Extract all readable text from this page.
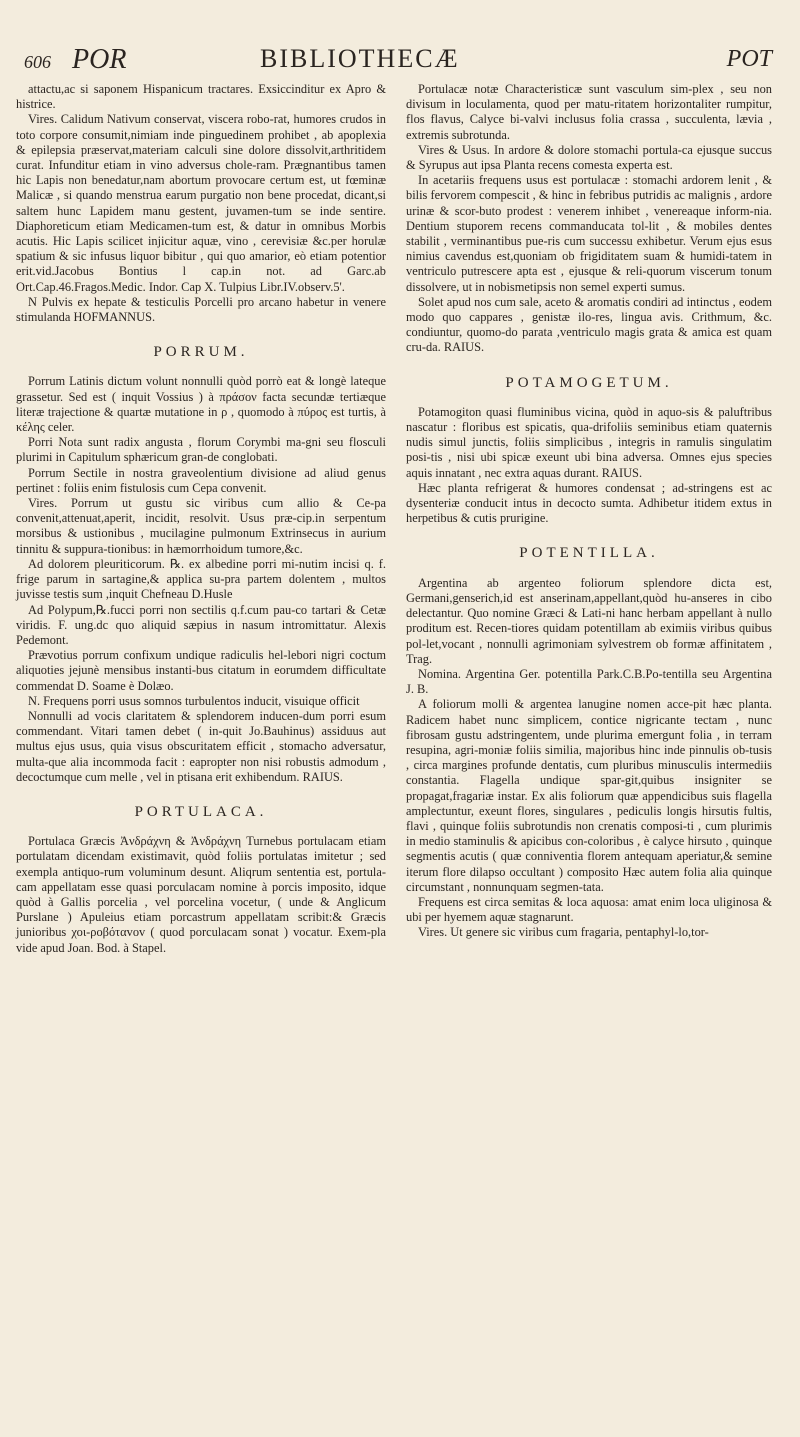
606 POR	BIBLIOTHECÆ	POT

attactu,ac si saponem Hispanicum tractares. Exsiccinditur ex Apro & histrice.

Vires. Calidum Nativum conservat, viscera robo-rat, humores crudos in toto corpore consumit,nimiam inde pinguedinem prohibet , ab apoplexia & epilepsia præservat,materiam calculi sine dolore dissolvit,arthritidem curat. Infunditur etiam in vino adversus chole-ram. Prægnantibus tamen hic Lapis non benedatur,nam abortum provocare certum est, ut fœminæ Malicæ , si quando menstrua earum purgatio non bene procedat, dicant,si saltem hunc Lapidem manu gestent, juvamen-tum se inde sentire. Diaphoreticum etiam Medicamen-tum est, & datur in omnibus Morbis acutis. Hic Lapis scilicet injicitur aquæ, vino , cerevisiæ &c.per horulæ spatium & sic infusus liquor bibitur , qui quo amarior, eò etiam potentior erit.vid.Jacobus Bontius l cap.in not. ad Garc.ab Ort.Cap.46.Fragos.Medic. Indor. Cap X. Tulpius Libr.IV.observ.5'.

N Pulvis ex hepate & testiculis Porcelli pro arcano habetur in venere stimulanda HOFMANNUS.

PORRUM.

Porrum Latinis dictum volunt nonnulli quòd porrò eat & longè lateque grassetur. Sed est ( inquit Vossius ) à πράσον facta secundæ tertiæque literæ trajectione & quartæ mutatione in ρ , quomodo à πύρος est turtis, à κέλης celer.

Porri Nota sunt radix angusta , florum Corymbi ma-gni seu flosculi plurimi in Capitulum sphæricum gran-de conglobati.

Porrum Sectile in nostra graveolentium divisione ad aliud genus pertinet : foliis enim fistulosis cum Cepa convenit.

Vires. Porrum ut gustu sic viribus cum allio & Ce-pa convenit,attenuat,aperit, incidit, resolvit. Usus præ-cip.in serpentum morsibus & ustionibus , mucilagine pulmonum Extrinsecus in aurium tinnitu & suppura-tionibus: in hæmorrhoidum tumore,&c.

Ad dolorem pleuriticorum. ℞. ex albedine porri mi-nutim incisi q. f. frige parum in sartagine,& applica su-pra partem dolentem , multos juvisse testis sum ,inquit Chefneau D.Husle

Ad Polypum,℞.fucci porri non sectilis q.f.cum pau-co tartari & Cetæ viridis. F. ung.dc quo aliquid sæpius in nasum intromittatur. Alexis Pedemont.

Prævotius porrum confixum undique radiculis hel-lebori nigri coctum aliquoties jejunè mensibus instanti-bus citatum in eorumdem difficultate commendat D. Soame è Dolæo.

N. Frequens porri usus somnos turbulentos inducit, visuique officit

Nonnulli ad vocis claritatem & splendorem inducen-dum porri esum commendant. Vitari tamen debet ( in-quit Jo.Bauhinus) assiduus aut multus ejus usus, quia visus obscuritatem efficit , stomacho adversatur, multa-que alia incommoda facit : eapropter non nisi robustis admodum , decoctumque cum melle , vel in ptisana erit exhibendum. RAIUS.

PORTULACA.

Portulaca Græcis Ἀνδράχνη & Ἀνδράχνη Turnebus portulacam etiam portulatam dicendam existimavit, quòd foliis portulatas imitetur ; sed exempla antiquo-rum voluminum desunt. Aliqrum sententia est, portula-cam appellatam esse quasi porculacam nomine à porcis imposito, idque quòd à Gallis porcelia , vel porcelina vocetur, ( unde & Anglicum Purslane ) Apuleius etiam porcastrum appellatam scribit:& Græcis junioribus χοι-ροβόταvov ( quod porculacam sonat ) vocatur. Exem-pla vide apud Joan. Bod. à Stapel.

Portulacæ notæ Characteristicæ sunt vasculum sim-plex , seu non divisum in loculamenta, quod per matu-ritatem horizontaliter rumpitur, flos flavus, Calyce bi-valvi inclusus folia crassa , succulenta, lævia , extremis subrotunda.

Vires & Usus. In ardore & dolore stomachi portula-ca ejusque succus & Syrupus aut ipsa Planta recens comesta experta est.

In acetariis frequens usus est portulacæ : stomachi ardorem lenit , & bilis fervorem compescit , & hinc in febribus putridis ac malignis , ardore urinæ & scor-buto prodest : venerem inhibet , venereaque inform-nia. Dentium stuporem recens commanducata tol-lit , & mobiles dentes stabilit , verminantibus pue-ris cum successu exhibetur. Verum ejus esus nimius cavendus est,quoniam ob frigiditatem suam & humidi-tatem in ventriculo putrescere apta est , ejusque & reli-quorum viscerum tonum dissolvere, ut in nobismetipsis non semel experti sumus.

Solet apud nos cum sale, aceto & aromatis condiri ad intinctus , eodem modo quo cappares , genistæ ilo-res, lingua avis. Crithmum, &c. condiuntur, quomo-do parata ,ventriculo magis grata & amica est quam cru-da. RAIUS.

POTAMOGETUM.

Potamogiton quasi fluminibus vicina, quòd in aquo-sis & paluftribus nascatur : floribus est spicatis, qua-drifoliis seminibus etiam quaternis nudis simul junctis, foliis simplicibus , integris in ramulis singulatim posi-tis , nisi ubi spicæ exeunt ubi bina adversa. Omnes ejus species aquis innatant , nec extra aquas durant. RAIUS.

Hæc planta refrigerat & humores condensat ; ad-stringens est ac dysenteriæ conducit intus in decocto sumta. Adhibetur itidem extus in herpetibus & cutis prurigine.

POTENTILLA.

Argentina ab argenteo foliorum splendore dicta est, Germani,genserich,id est anserinam,appellant,quòd hu-anseres in cibo delectantur. Quo nomine Græci & Lati-ni hanc herbam appellant à nullo proditum est. Recen-tiores quidam potentillam ab eximiis viribus quibus pol-let,vocant , nonnulli agrimoniam sylvestrem ob formæ affinitatem , Trag.

Nomina. Argentina Ger. potentilla Park.C.B.Po-tentilla seu Argentina J. B.

A foliorum molli & argentea lanugine nomen acce-pit hæc planta. Radicem habet nunc simplicem, contice nigricante tectam , nunc fibrosam gustu adstringentem, unde plurima emergunt folia , in terram resupina, agri-moniæ foliis similia, majoribus hinc inde pinnulis ob-tusis , circa margines profunde dentatis, cum pluribus minusculis intermediis constantia. Flagella undique spar-git,quibus insigniter se propagat,fragariæ instar. Ex alis foliorum quæ appendicibus suis flagella amplectuntur, exeunt flores, singulares , pediculis longis hirsutis fultis, flavi , quinque foliis subrotundis non crenatis composi-ti , cum plurimis in medio staminulis & apicibus con-coloribus , è calyce hirsuto , quinque segmentis acutis ( quæ conniventia florem antequam aperiatur,& semine iterum flore dilapso occultant ) composito Hæc autem folia alia quinque circumstant , nonnunquam segmen-tata.

Frequens est circa semitas & loca aquosa: amat enim loca uliginosa & ubi per hyemem aquæ stagnarunt.

Vires. Ut genere sic viribus cum fragaria, pentaphyl-lo,tor-
